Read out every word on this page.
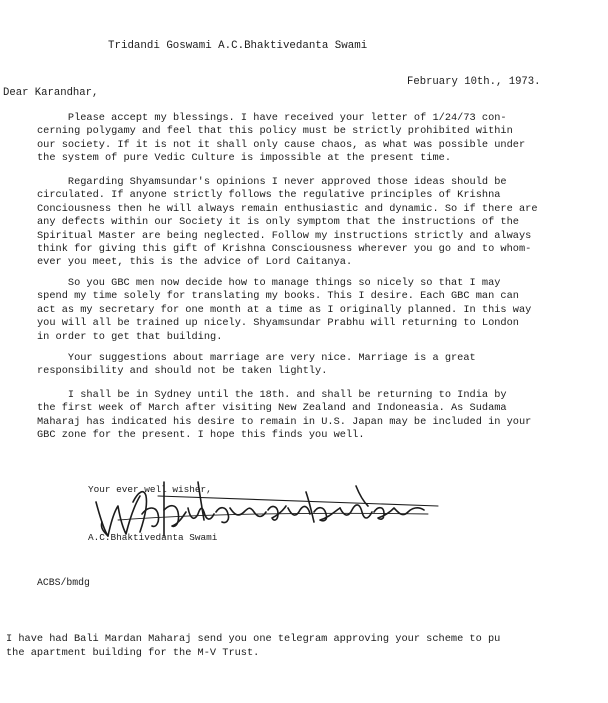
Tridandi Goswami A.C.Bhaktivedanta Swami
February 10th., 1973.
Dear Karandhar,
Please accept my blessings. I have received your letter of 1/24/73 con-
cerning polygamy and feel that this policy must be strictly prohibited within
our society. If it is not it shall only cause chaos, as what was possible under
the system of pure Vedic Culture is impossible at the present time.
Regarding Shyamsundar's opinions I never approved those ideas should be
circulated. If anyone strictly follows the regulative principles of Krishna
Conciousness then he will always remain enthusiastic and dynamic. So if there are
any defects within our Society it is only symptom that the instructions of the
Spiritual Master are being neglected. Follow my instructions strictly and always
think for giving this gift of Krishna Consciousness wherever you go and to whom-
ever you meet, this is the advice of Lord Caitanya.
So you GBC men now decide how to manage things so nicely so that I may
spend my time solely for translating my books. This I desire. Each GBC man can
act as my secretary for one month at a time as I originally planned. In this way
you will all be trained up nicely. Shyamsundar Prabhu will returning to London
in order to get that building.
Your suggestions about marriage are very nice. Marriage is a great
responsibility and should not be taken lightly.
I shall be in Sydney until the 18th. and shall be returning to India by
the first week of March after visiting New Zealand and Indoneasia. As Sudama
Maharaj has indicated his desire to remain in U.S. Japan may be included in your
GBC zone for the present. I hope this finds you well.
Your ever well wisher,
A.C.Bhaktivedanta Swami
ACBS/bmdg
I have had Bali Mardan Maharaj send you one telegram approving your scheme to pu
the apartment building for the M-V Trust.
